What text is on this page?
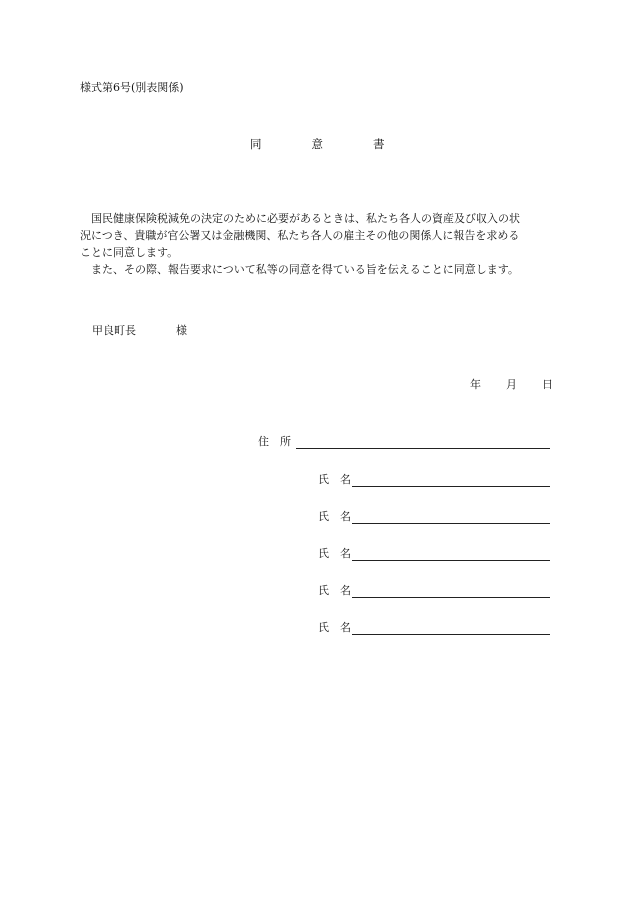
様式第6号(別表関係)
同	意	書

　国民健康保険税減免の決定のために必要があるときは、私たち各人の資産及び収入の状
況につき、貴職が官公署又は金融機関、私たち各人の雇主その他の関係人に報告を求める
ことに同意します。

　また、その際、報告要求について私等の同意を得ている旨を伝えることに同意します。

甲良町長	様
年 月 日
住　所
氏　名
氏　名
氏　名
氏　名
氏　名
